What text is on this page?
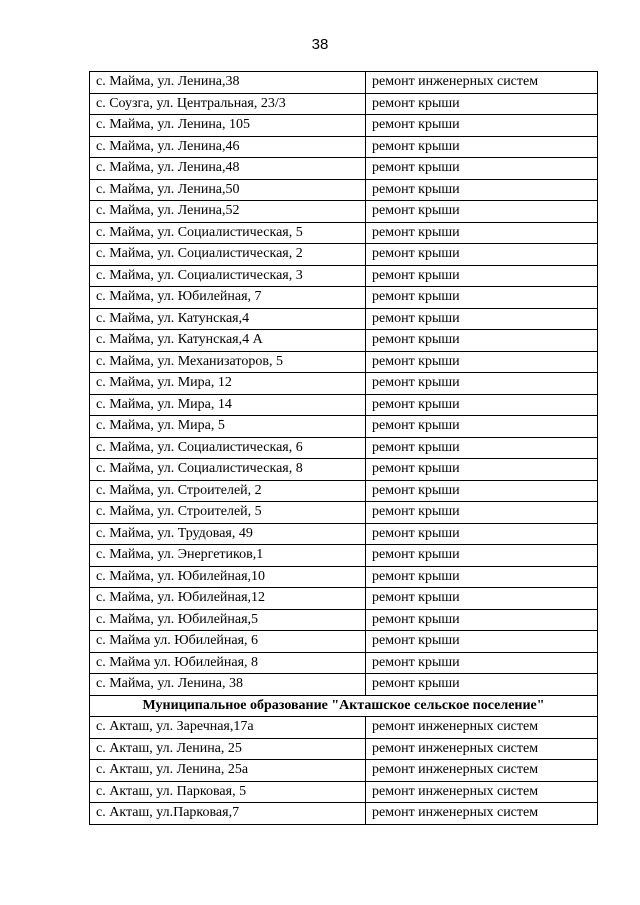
38
с. Майма, ул. Ленина,38	ремонт инженерных систем
с. Соузга, ул. Центральная, 23/3	ремонт крыши
с. Майма, ул. Ленина, 105	ремонт крыши
с. Майма, ул. Ленина,46	ремонт крыши
с. Майма, ул. Ленина,48	ремонт крыши
с. Майма, ул. Ленина,50	ремонт крыши
с. Майма, ул. Ленина,52	ремонт крыши
с. Майма, ул. Социалистическая, 5	ремонт крыши
с. Майма, ул. Социалистическая, 2	ремонт крыши
с. Майма, ул. Социалистическая, 3	ремонт крыши
с. Майма, ул. Юбилейная, 7	ремонт крыши
с. Майма, ул. Катунская,4	ремонт крыши
с. Майма, ул. Катунская,4 А	ремонт крыши
с. Майма, ул. Механизаторов, 5	ремонт крыши
с. Майма, ул. Мира, 12	ремонт крыши
с. Майма, ул. Мира, 14	ремонт крыши
с. Майма, ул. Мира, 5	ремонт крыши
с. Майма, ул. Социалистическая, 6	ремонт крыши
с. Майма, ул. Социалистическая, 8	ремонт крыши
с. Майма, ул. Строителей, 2	ремонт крыши
с. Майма, ул. Строителей, 5	ремонт крыши
с. Майма, ул. Трудовая, 49	ремонт крыши
с. Майма, ул. Энергетиков,1	ремонт крыши
с. Майма, ул. Юбилейная,10	ремонт крыши
с. Майма, ул. Юбилейная,12	ремонт крыши
с. Майма, ул. Юбилейная,5	ремонт крыши
с. Майма ул. Юбилейная, 6	ремонт крыши
с. Майма ул. Юбилейная, 8	ремонт крыши
с. Майма, ул. Ленина, 38	ремонт крыши
Муниципальное образование "Акташское сельское поселение"	
с. Акташ, ул. Заречная,17а	ремонт инженерных систем
с. Акташ, ул. Ленина, 25	ремонт инженерных систем
с. Акташ, ул. Ленина, 25а	ремонт инженерных систем
с. Акташ, ул. Парковая, 5	ремонт инженерных систем
с. Акташ, ул.Парковая,7	ремонт инженерных систем
